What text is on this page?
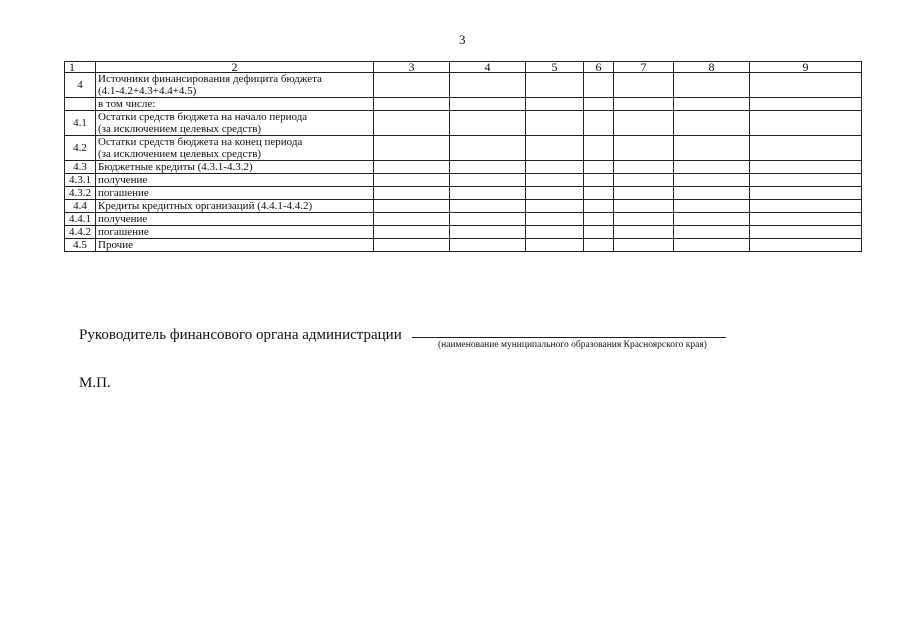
3
1	2	3	4	5	6	7	8	9
4	Источники финансирования дефицита бюджета
(4.1-4.2+4.3+4.4+4.5)							

	в том числе:							

4.1	Остатки средств бюджета на начало периода
(за исключением целевых средств)							

4.2	Остатки средств бюджета на конец периода
(за исключением целевых средств)							

4.3	Бюджетные кредиты (4.3.1-4.3.2)							

4.3.1	получение							

4.3.2	погашение							

4.4	Кредиты кредитных организаций (4.4.1-4.4.2)							

4.4.1	получение							

4.4.2	погашение							

4.5	Прочие							

Руководитель финансового органа администрации
(наименование муниципального образования Красноярского края)
М.П.
